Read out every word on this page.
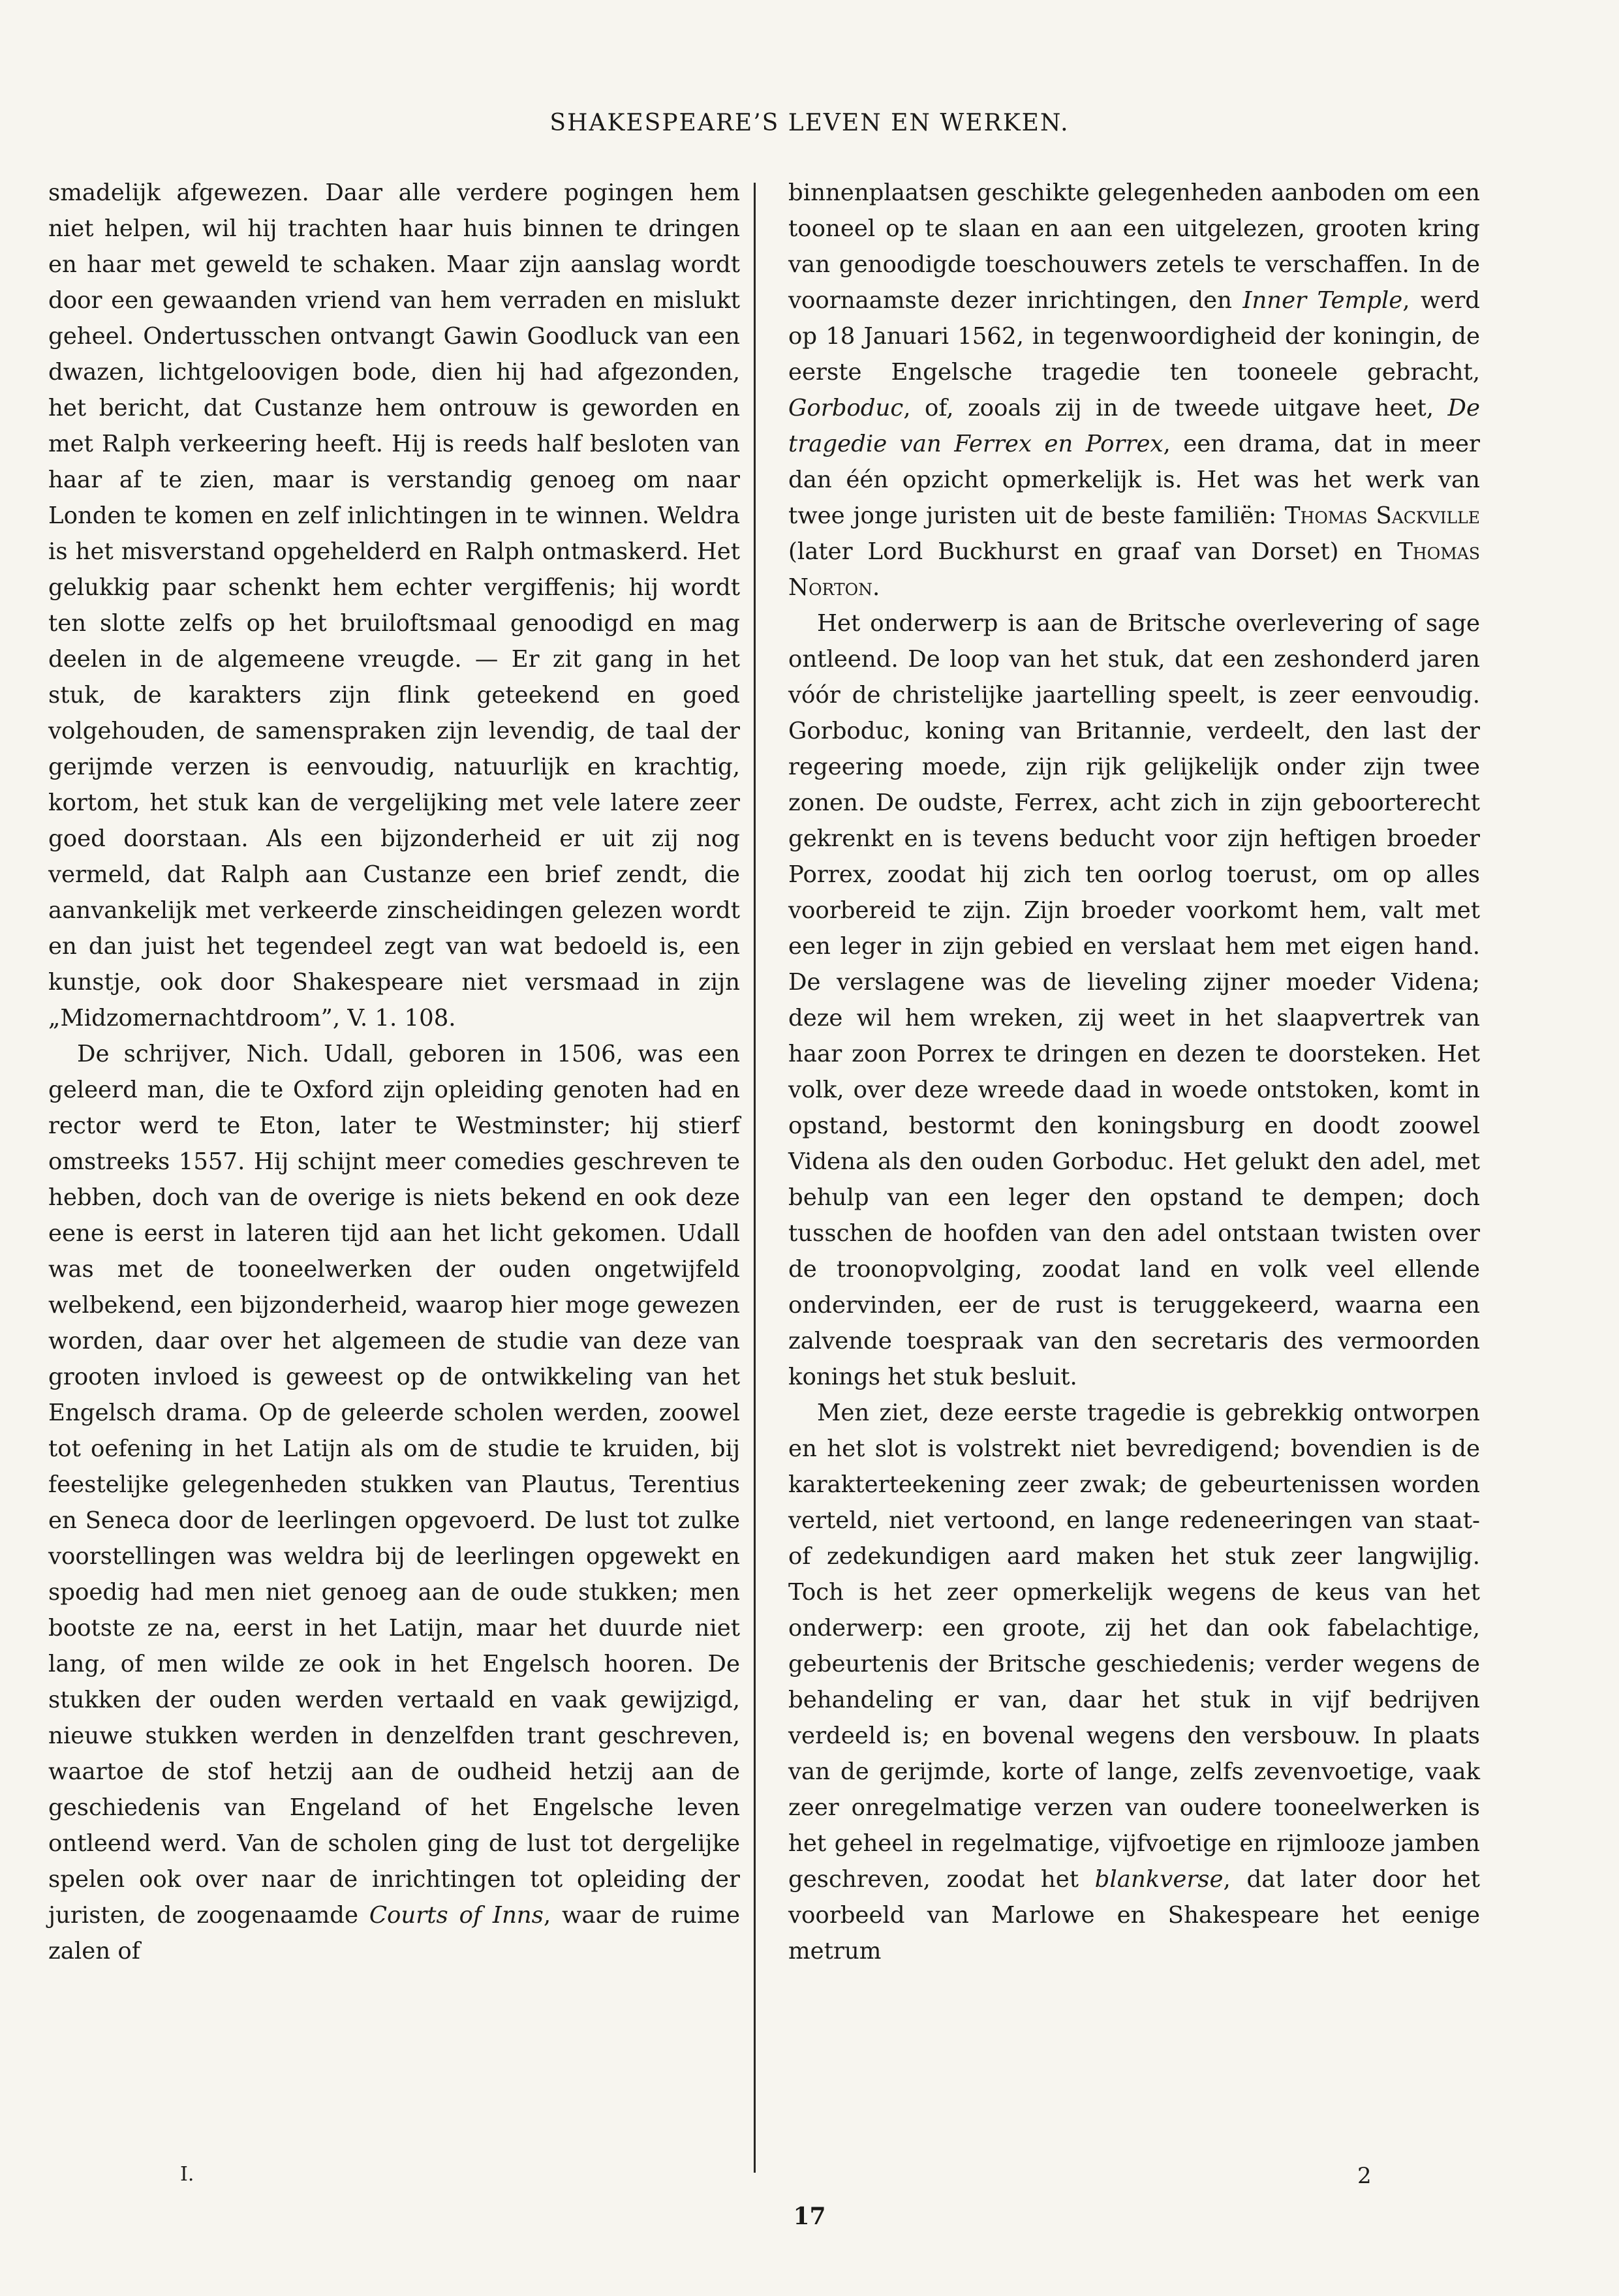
SHAKESPEARE’S LEVEN EN WERKEN.

smadelijk afgewezen. Daar alle verdere pogingen hem niet helpen, wil hij trachten haar huis binnen te dringen en haar met geweld te schaken. Maar zijn aanslag wordt door een gewaanden vriend van hem verraden en mislukt geheel. Ondertusschen ontvangt Gawin Goodluck van een dwazen, lichtgeloovigen bode, dien hij had afgezonden, het bericht, dat Custanze hem ontrouw is geworden en met Ralph verkeering heeft. Hij is reeds half besloten van haar af te zien, maar is verstandig genoeg om naar Londen te komen en zelf inlichtingen in te winnen. Weldra is het misverstand opgehelderd en Ralph ontmaskerd. Het gelukkig paar schenkt hem echter vergiffenis; hij wordt ten slotte zelfs op het bruiloftsmaal genoodigd en mag deelen in de algemeene vreugde. — Er zit gang in het stuk, de karakters zijn flink geteekend en goed volgehouden, de samenspraken zijn levendig, de taal der gerijmde verzen is eenvoudig, natuurlijk en krachtig, kortom, het stuk kan de vergelijking met vele latere zeer goed doorstaan. Als een bijzonderheid er uit zij nog vermeld, dat Ralph aan Custanze een brief zendt, die aanvankelijk met verkeerde zinscheidingen gelezen wordt en dan juist het tegendeel zegt van wat bedoeld is, een kunstje, ook door Shakespeare niet versmaad in zijn „Midzomernachtdroom”, V. 1. 108.

De schrijver, Nich. Udall, geboren in 1506, was een geleerd man, die te Oxford zijn opleiding genoten had en rector werd te Eton, later te Westminster; hij stierf omstreeks 1557. Hij schijnt meer comedies geschreven te hebben, doch van de overige is niets bekend en ook deze eene is eerst in lateren tijd aan het licht gekomen. Udall was met de tooneelwerken der ouden ongetwijfeld welbekend, een bijzonderheid, waarop hier moge gewezen worden, daar over het algemeen de studie van deze van grooten invloed is geweest op de ontwikkeling van het Engelsch drama. Op de geleerde scholen werden, zoowel tot oefening in het Latijn als om de studie te kruiden, bij feestelijke gelegenheden stukken van Plautus, Terentius en Seneca door de leerlingen opgevoerd. De lust tot zulke voorstellingen was weldra bij de leerlingen opgewekt en spoedig had men niet genoeg aan de oude stukken; men bootste ze na, eerst in het Latijn, maar het duurde niet lang, of men wilde ze ook in het Engelsch hooren. De stukken der ouden werden vertaald en vaak gewijzigd, nieuwe stukken werden in denzelfden trant geschreven, waartoe de stof hetzij aan de oudheid hetzij aan de geschiedenis van Engeland of het Engelsche leven ontleend werd. Van de scholen ging de lust tot dergelijke spelen ook over naar de inrichtingen tot opleiding der juristen, de zoogenaamde Courts of Inns, waar de ruime zalen of

binnenplaatsen geschikte gelegenheden aanboden om een tooneel op te slaan en aan een uitgelezen, grooten kring van genoodigde toeschouwers zetels te verschaffen. In de voornaamste dezer inrichtingen, den Inner Temple, werd op 18 Januari 1562, in tegenwoordigheid der koningin, de eerste Engelsche tragedie ten tooneele gebracht, Gorboduc, of, zooals zij in de tweede uitgave heet, De tragedie van Ferrex en Porrex, een drama, dat in meer dan één opzicht opmerkelijk is. Het was het werk van twee jonge juristen uit de beste familiën: Thomas Sackville (later Lord Buckhurst en graaf van Dorset) en Thomas Norton.

Het onderwerp is aan de Britsche overlevering of sage ontleend. De loop van het stuk, dat een zeshonderd jaren vóór de christelijke jaartelling speelt, is zeer eenvoudig. Gorboduc, koning van Britannie, verdeelt, den last der regeering moede, zijn rijk gelijkelijk onder zijn twee zonen. De oudste, Ferrex, acht zich in zijn geboorterecht gekrenkt en is tevens beducht voor zijn heftigen broeder Porrex, zoodat hij zich ten oorlog toerust, om op alles voorbereid te zijn. Zijn broeder voorkomt hem, valt met een leger in zijn gebied en verslaat hem met eigen hand. De verslagene was de lieveling zijner moeder Videna; deze wil hem wreken, zij weet in het slaapvertrek van haar zoon Porrex te dringen en dezen te doorsteken. Het volk, over deze wreede daad in woede ontstoken, komt in opstand, bestormt den koningsburg en doodt zoowel Videna als den ouden Gorboduc. Het gelukt den adel, met behulp van een leger den opstand te dempen; doch tusschen de hoofden van den adel ontstaan twisten over de troonopvolging, zoodat land en volk veel ellende ondervinden, eer de rust is teruggekeerd, waarna een zalvende toespraak van den secretaris des vermoorden konings het stuk besluit.

Men ziet, deze eerste tragedie is gebrekkig ontworpen en het slot is volstrekt niet bevredigend; bovendien is de karakterteekening zeer zwak; de gebeurtenissen worden verteld, niet vertoond, en lange redeneeringen van staat- of zedekundigen aard maken het stuk zeer langwijlig. Toch is het zeer opmerkelijk wegens de keus van het onderwerp: een groote, zij het dan ook fabelachtige, gebeurtenis der Britsche geschiedenis; verder wegens de behandeling er van, daar het stuk in vijf bedrijven verdeeld is; en bovenal wegens den versbouw. In plaats van de gerijmde, korte of lange, zelfs zevenvoetige, vaak zeer onregelmatige verzen van oudere tooneelwerken is het geheel in regelmatige, vijfvoetige en rijmlooze jamben geschreven, zoodat het blankverse, dat later door het voorbeeld van Marlowe en Shakespeare het eenige metrum

I.	2
17
